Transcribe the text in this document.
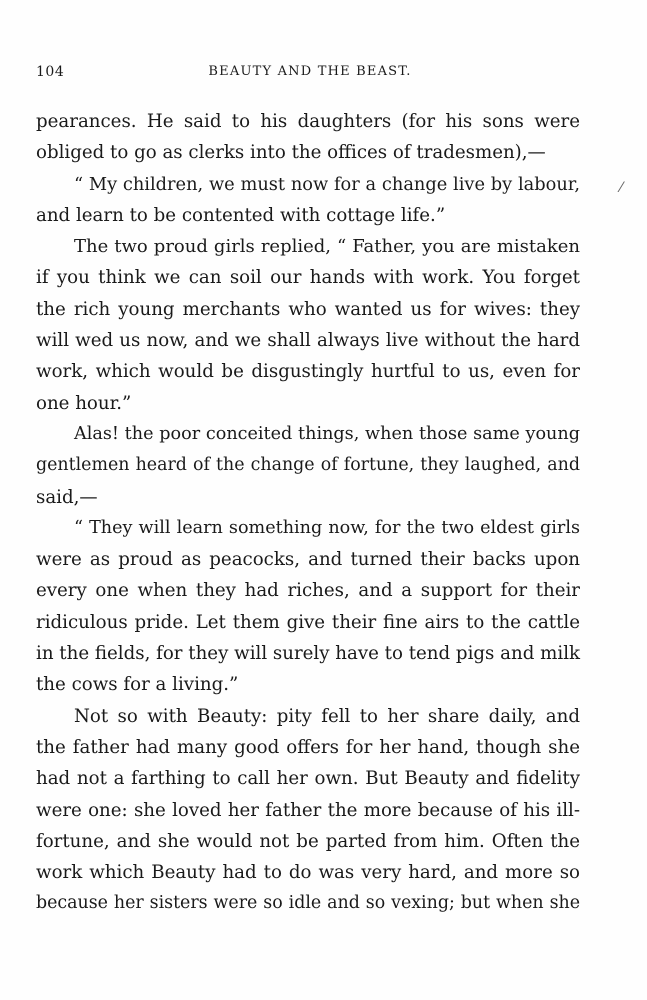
104	BEAUTY AND THE BEAST.
pearances. He said to his daughters (for his sons were
obliged to go as clerks into the offices of tradesmen),—
“ My children, we must now for a change live by labour,
and learn to be contented with cottage life.”
The two proud girls replied, “ Father, you are mistaken
if you think we can soil our hands with work. You forget
the rich young merchants who wanted us for wives: they
will wed us now, and we shall always live without the hard
work, which would be disgustingly hurtful to us, even for
one hour.”
Alas! the poor conceited things, when those same young
gentlemen heard of the change of fortune, they laughed, and
said,—
“ They will learn something now, for the two eldest girls
were as proud as peacocks, and turned their backs upon
every one when they had riches, and a support for their
ridiculous pride. Let them give their fine airs to the cattle
in the fields, for they will surely have to tend pigs and milk
the cows for a living.”
Not so with Beauty: pity fell to her share daily, and
the father had many good offers for her hand, though she
had not a farthing to call her own. But Beauty and fidelity
were one: she loved her father the more because of his ill-
fortune, and she would not be parted from him. Often the
work which Beauty had to do was very hard, and more so
because her sisters were so idle and so vexing; but when she
⁄
